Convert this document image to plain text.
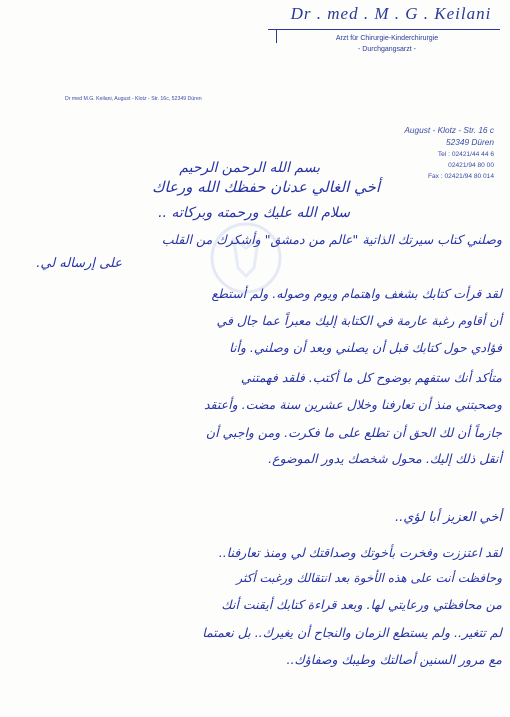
Dr . med . M . G . Keilani
Arzt für Chirurgie-Kinderchirurgie
- Durchgangsarzt -
Dr med M.G. Keilani, August - Klotz - Str. 16c, 52349 Düren
August - Klotz - Str. 16 c
52349 Düren
Tel : 02421/44 44 6
02421/94 80 00
Fax : 02421/94 80 014
بسم الله الرحمن الرحيم
أخي الغالي عدنان حفظك الله ورعاك
سلام الله عليك ورحمته وبركاته ..
وصلني كتاب سيرتك الذاتية "عالم من دمشق" وأشكرك من القلب
على إرساله لي.
لقد قرأت كتابك بشغف واهتمام ويوم وصوله. ولم أستطع
أن أقاوم رغبة عارمة في الكتابة إليك معبراً عما جال في
فؤادي حول كتابك قبل أن يصلني وبعد أن وصلني. وأنا
متأكد أنك ستفهم بوضوح كل ما أكتب. فلقد فهمتني
وصحبتني منذ أن تعارفنا وخلال عشرين سنة مضت. وأعتقد
جازماً أن لك الحق أن تطلع على ما فكرت. ومن واجبي أن
أنقل ذلك إليك. محول شخصك يدور الموضوع.
أخي العزيز أبا لؤي..
لقد اعتززت وفخرت بأخوتك وصداقتك لي ومنذ تعارفنا..
وحافظت أنت على هذه الأخوة بعد انتقالك ورغبت أكثر
من محافظتي ورعايتي لها. وبعد قراءة كتابك أيقنت أنك
لم تتغير.. ولم يستطع الزمان والنجاح أن يغيرك.. بل نعمتما
مع مرور السنين أصالتك وطيبك وصفاؤك..
